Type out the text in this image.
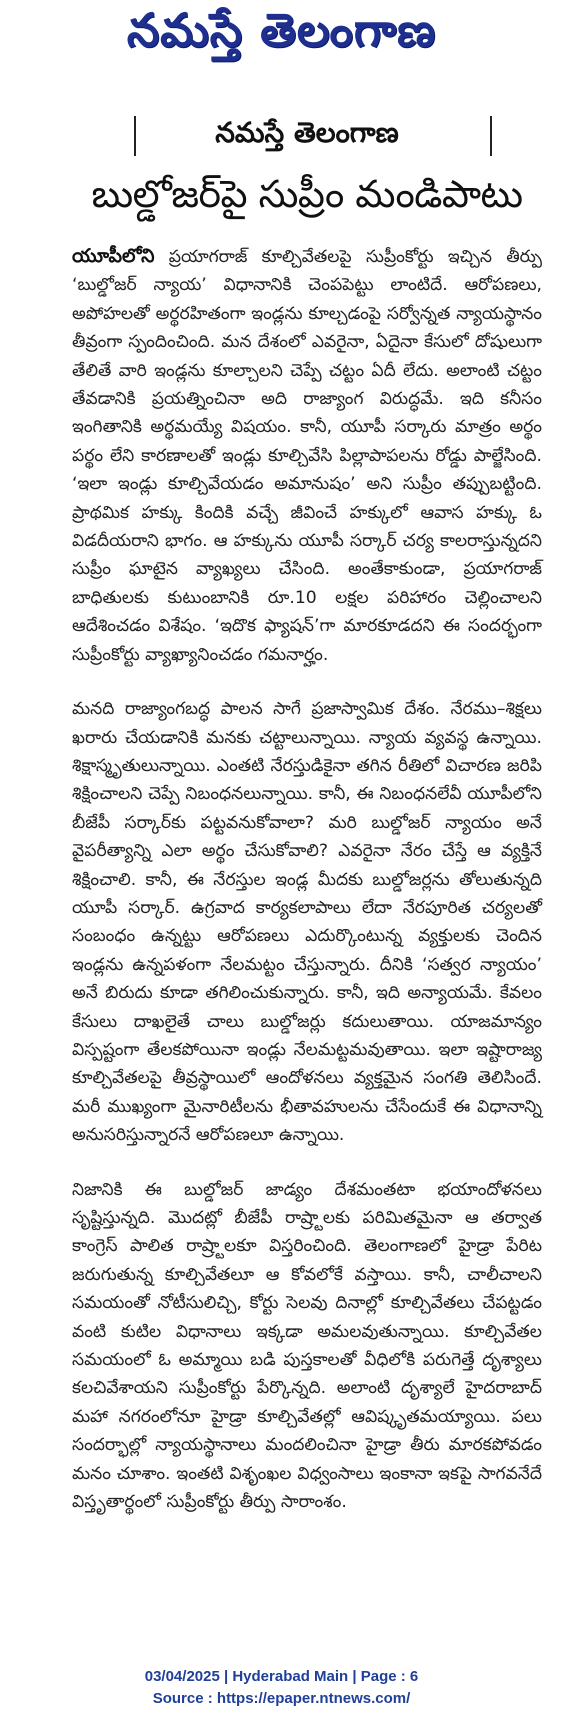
నమస్తే తెలంగాణ
నమస్తే తెలంగాణ
బుల్డోజర్‌పై సుప్రీం మండిపాటు

యూపీలోని ప్రయాగరాజ్ కూల్చివేతలపై సుప్రీంకోర్టు ఇచ్చిన తీర్పు ‘బుల్డోజర్ న్యాయ’ విధానానికి చెంపపెట్టు లాంటిదే. ఆరోపణలు, అపోహలతో అర్థరహితంగా ఇండ్లను కూల్చడంపై సర్వోన్నత న్యాయస్థానం తీవ్రంగా స్పందించింది. మన దేశంలో ఎవరైనా, ఏదైనా కేసులో దోషులుగా తేలితే వారి ఇండ్లను కూల్చాలని చెప్పే చట్టం ఏదీ లేదు. అలాంటి చట్టం తేవడానికి ప్రయత్నించినా అది రాజ్యాంగ విరుద్ధమే. ఇది కనీసం ఇంగితానికి అర్థమయ్యే విషయం. కానీ, యూపీ సర్కారు మాత్రం అర్థం పర్థం లేని కారణాలతో ఇండ్లు కూల్చివేసి పిల్లాపాపలను రోడ్డు పాల్జేసింది. ‘ఇలా ఇండ్లు కూల్చివేయడం అమానుషం’ అని సుప్రీం తప్పుబట్టింది. ప్రాథమిక హక్కు కిందికి వచ్చే జీవించే హక్కులో ఆవాస హక్కు ఓ విడదీయరాని భాగం. ఆ హక్కును యూపీ సర్కార్ చర్య కాలరాస్తున్నదని సుప్రీం ఘాటైన వ్యాఖ్యలు చేసింది. అంతేకాకుండా, ప్రయాగరాజ్ బాధితులకు కుటుంబానికి రూ.10 లక్షల పరిహారం చెల్లించాలని ఆదేశించడం విశేషం. ‘ఇదొక ఫ్యాషన్’గా మారకూడదని ఈ సందర్భంగా సుప్రీంకోర్టు వ్యాఖ్యానించడం గమనార్హం.

మనది రాజ్యాంగబద్ధ పాలన సాగే ప్రజాస్వామిక దేశం. నేరము–శిక్షలు ఖరారు చేయడానికి మనకు చట్టాలున్నాయి. న్యాయ వ్యవస్థ ఉన్నాయి. శిక్షాస్మృతులున్నాయి. ఎంతటి నేరస్తుడికైనా తగిన రీతిలో విచారణ జరిపి శిక్షించాలని చెప్పే నిబంధనలున్నాయి. కానీ, ఈ నిబంధనలేవీ యూపీలోని బీజేపీ సర్కార్‌కు పట్టవనుకోవాలా? మరి బుల్డోజర్ న్యాయం అనే వైపరీత్యాన్ని ఎలా అర్థం చేసుకోవాలి? ఎవరైనా నేరం చేస్తే ఆ వ్యక్తినే శిక్షించాలి. కానీ, ఈ నేరస్తుల ఇండ్ల మీదకు బుల్డోజర్లను తోలుతున్నది యూపీ సర్కార్. ఉగ్రవాద కార్యకలాపాలు లేదా నేరపూరిత చర్యలతో సంబంధం ఉన్నట్టు ఆరోపణలు ఎదుర్కొంటున్న వ్యక్తులకు చెందిన ఇండ్లను ఉన్నపళంగా నేలమట్టం చేస్తున్నారు. దీనికి ‘సత్వర న్యాయం’ అనే బిరుదు కూడా తగిలించుకున్నారు. కానీ, ఇది అన్యాయమే. కేవలం కేసులు దాఖలైతే చాలు బుల్డోజర్లు కదులుతాయి. యాజమాన్యం విస్పష్టంగా తేలకపోయినా ఇండ్లు నేలమట్టమవుతాయి. ఇలా ఇష్టారాజ్య కూల్చివేతలపై తీవ్రస్థాయిలో ఆందోళనలు వ్యక్తమైన సంగతి తెలిసిందే. మరీ ముఖ్యంగా మైనారిటీలను భీతావహులను చేసేందుకే ఈ విధానాన్ని అనుసరిస్తున్నారనే ఆరోపణలూ ఉన్నాయి.

నిజానికి ఈ బుల్డోజర్ జాడ్యం దేశమంతటా భయాందోళనలు సృష్టిస్తున్నది. మొదట్లో బీజేపీ రాష్ర్టాలకు పరిమితమైనా ఆ తర్వాత కాంగ్రెస్ పాలిత రాష్ర్టాలకూ విస్తరించింది. తెలంగాణలో హైడ్రా పేరిట జరుగుతున్న కూల్చివేతలూ ఆ కోవలోకే వస్తాయి. కానీ, చాలీచాలని సమయంతో నోటీసులిచ్చి, కోర్టు సెలవు దినాల్లో కూల్చివేతలు చేపట్టడం వంటి కుటిల విధానాలు ఇక్కడా అమలవుతున్నాయి. కూల్చివేతల సమయంలో ఓ అమ్మాయి బడి పుస్తకాలతో వీధిలోకి పరుగెత్తే దృశ్యాలు కలచివేశాయని సుప్రీంకోర్టు పేర్కొన్నది. అలాంటి దృశ్యాలే హైదరాబాద్ మహా నగరంలోనూ హైడ్రా కూల్చివేతల్లో ఆవిష్కృతమయ్యాయి. పలు సందర్భాల్లో న్యాయస్థానాలు మందలించినా హైడ్రా తీరు మారకపోవడం మనం చూశాం. ఇంతటి విశృంఖల విధ్వంసాలు ఇంకానా ఇకపై సాగవనేదే విస్తృతార్థంలో సుప్రీంకోర్టు తీర్పు సారాంశం.

03/04/2025 | Hyderabad Main | Page : 6
Source : https://epaper.ntnews.com/
